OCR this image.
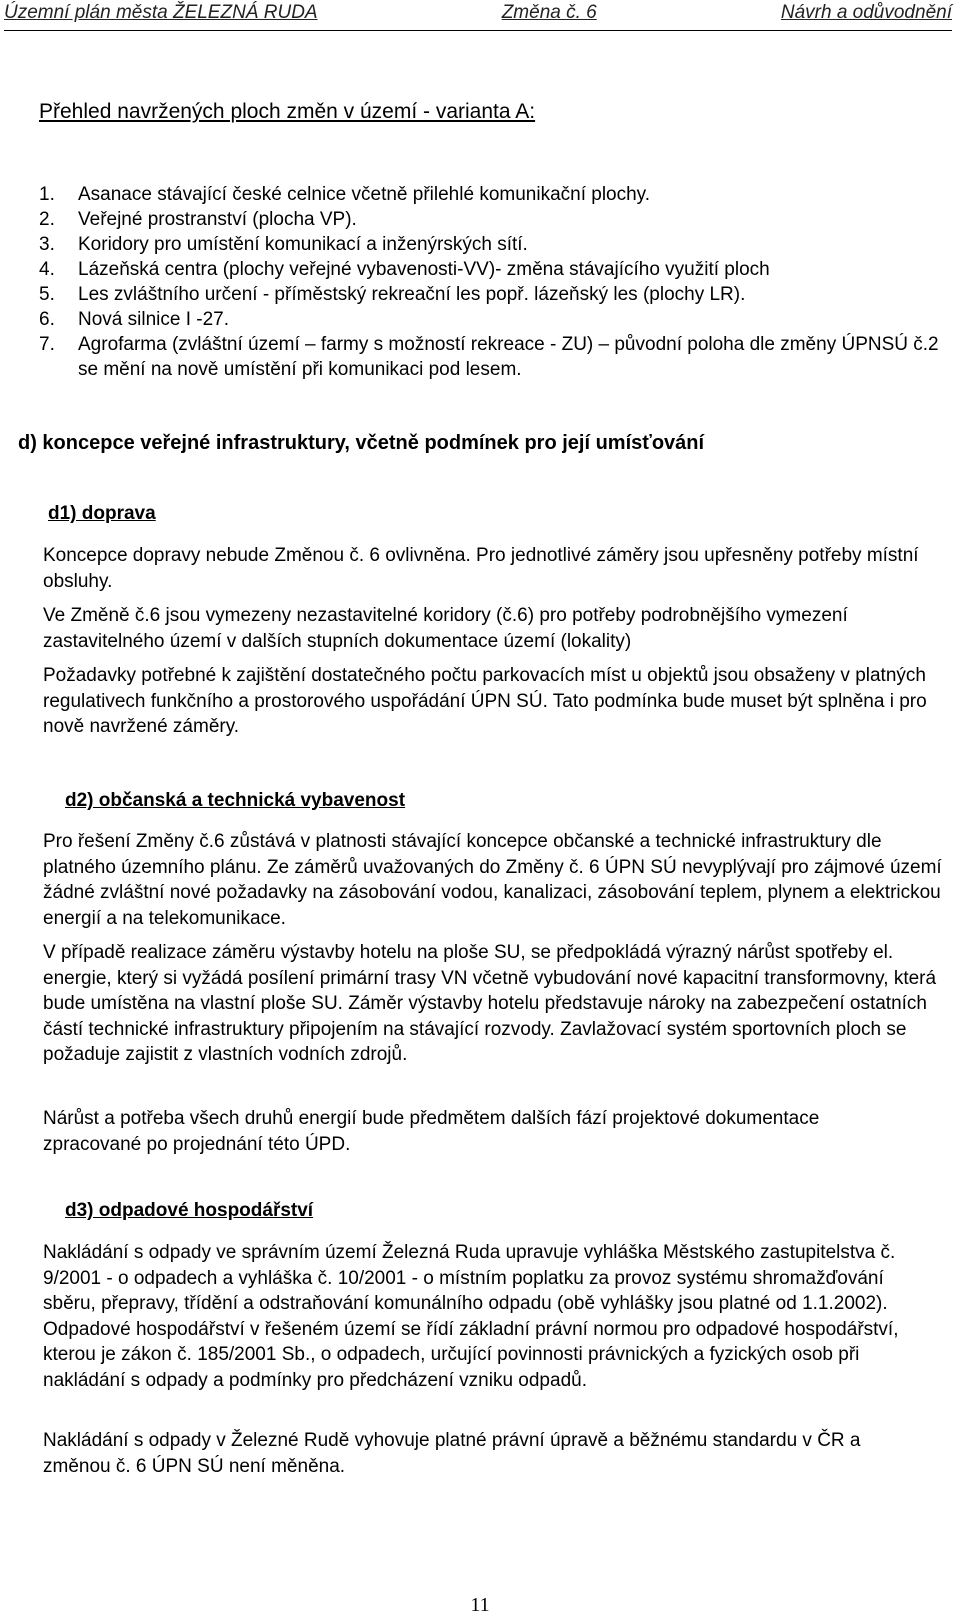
Územní plán města ŽELEZNÁ RUDA	Změna č. 6	Návrh a odůvodnění
Přehled navržených ploch změn v území - varianta A:
1.	Asanace stávající české celnice včetně přilehlé komunikační plochy.
2.	Veřejné prostranství (plocha VP).
3.	Koridory pro umístění komunikací a inženýrských sítí.
4.	Lázeňská centra (plochy veřejné vybavenosti-VV)- změna stávajícího využití ploch
5.	Les zvláštního určení - příměstský rekreační les popř. lázeňský les (plochy LR).
6.	Nová silnice I -27.
7.	Agrofarma (zvláštní území – farmy s možností rekreace - ZU) – původní poloha dle změny ÚPNSÚ č.2 se mění na nově umístění při komunikaci pod lesem.
d) koncepce veřejné infrastruktury, včetně podmínek pro její umísťování
d1) doprava

Koncepce dopravy nebude Změnou č. 6 ovlivněna. Pro jednotlivé záměry jsou upřesněny potřeby místní obsluhy.

Ve Změně č.6 jsou vymezeny nezastavitelné koridory (č.6) pro potřeby podrobnějšího vymezení zastavitelného území v dalších stupních dokumentace území (lokality)

Požadavky potřebné k zajištění dostatečného počtu parkovacích míst u objektů jsou obsaženy v platných regulativech funkčního a prostorového uspořádání ÚPN SÚ. Tato podmínka bude muset být splněna i pro nově navržené záměry.

d2) občanská a technická vybavenost

Pro řešení Změny č.6 zůstává v platnosti stávající koncepce občanské a technické infrastruktury dle platného územního plánu. Ze záměrů uvažovaných do Změny č. 6 ÚPN SÚ nevyplývají pro zájmové území žádné zvláštní nové požadavky na zásobování vodou, kanalizaci, zásobování teplem, plynem a elektrickou energií a na telekomunikace.

V případě realizace záměru výstavby hotelu na ploše SU, se předpokládá výrazný nárůst spotřeby el. energie, který si vyžádá posílení primární trasy VN včetně vybudování nové kapacitní transformovny, která bude umístěna na vlastní ploše SU. Záměr výstavby hotelu představuje nároky na zabezpečení ostatních částí technické infrastruktury připojením na stávající rozvody. Zavlažovací systém sportovních ploch se požaduje zajistit z vlastních vodních zdrojů.

Nárůst a potřeba všech druhů energií bude předmětem dalších fází projektové dokumentace zpracované po projednání této ÚPD.

d3) odpadové hospodářství

Nakládání s odpady ve správním území Železná Ruda upravuje vyhláška Městského zastupitelstva č. 9/2001 - o odpadech a vyhláška č. 10/2001 - o místním poplatku za provoz systému shromažďování sběru, přepravy, třídění a odstraňování komunálního odpadu (obě vyhlášky jsou platné od 1.1.2002). Odpadové hospodářství v řešeném území se řídí základní právní normou pro odpadové hospodářství, kterou je zákon č. 185/2001 Sb., o odpadech, určující povinnosti právnických a fyzických osob při nakládání s odpady a podmínky pro předcházení vzniku odpadů.

Nakládání s odpady v Železné Rudě vyhovuje platné právní úpravě a běžnému standardu v ČR a změnou č. 6 ÚPN SÚ není měněna.

11
